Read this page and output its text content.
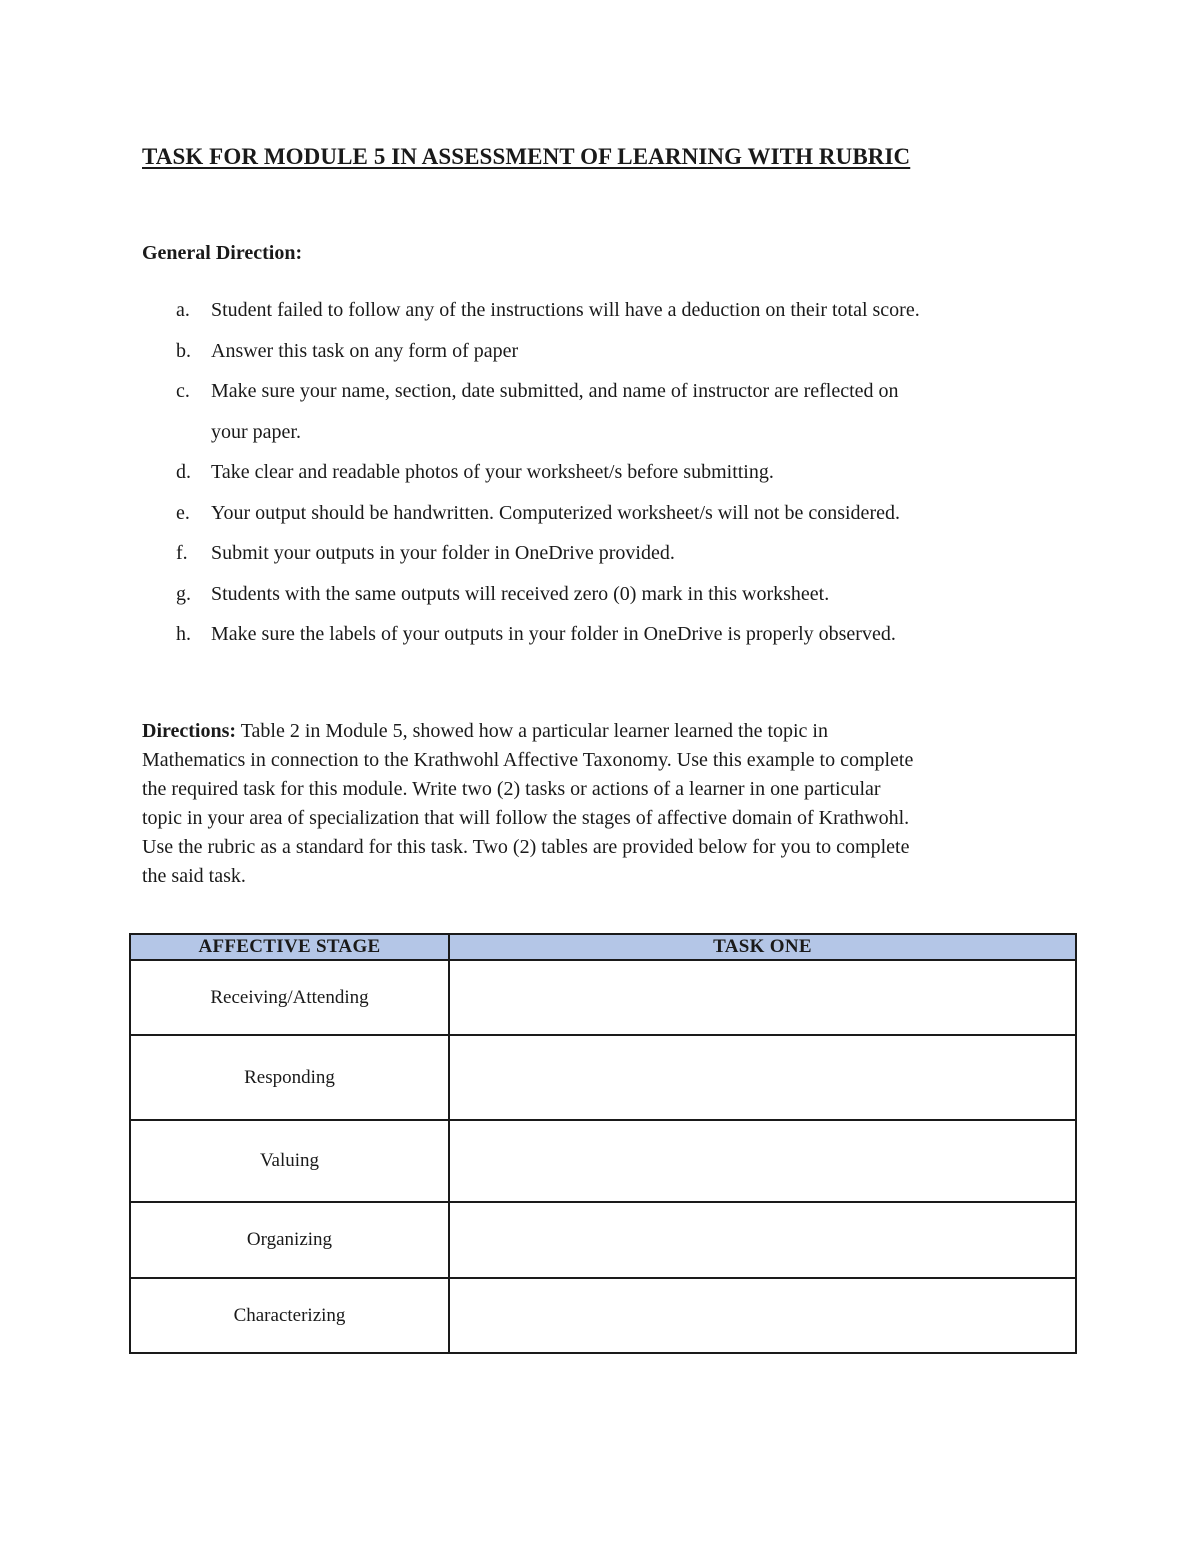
TASK FOR MODULE 5 IN ASSESSMENT OF LEARNING WITH RUBRIC
General Direction:
a. Student failed to follow any of the instructions will have a deduction on their total score.
b. Answer this task on any form of paper
c. Make sure your name, section, date submitted, and name of instructor are reflected on
your paper.
d. Take clear and readable photos of your worksheet/s before submitting.
e. Your output should be handwritten. Computerized worksheet/s will not be considered.
f. Submit your outputs in your folder in OneDrive provided.
g. Students with the same outputs will received zero (0) mark in this worksheet.
h. Make sure the labels of your outputs in your folder in OneDrive is properly observed.
Directions: Table 2 in Module 5, showed how a particular learner learned the topic in
Mathematics in connection to the Krathwohl Affective Taxonomy. Use this example to complete
the required task for this module. Write two (2) tasks or actions of a learner in one particular
topic in your area of specialization that will follow the stages of affective domain of Krathwohl.
Use the rubric as a standard for this task. Two (2) tables are provided below for you to complete
the said task.
AFFECTIVE STAGE	TASK ONE
Receiving/Attending	
Responding	
Valuing	
Organizing	
Characterizing	
